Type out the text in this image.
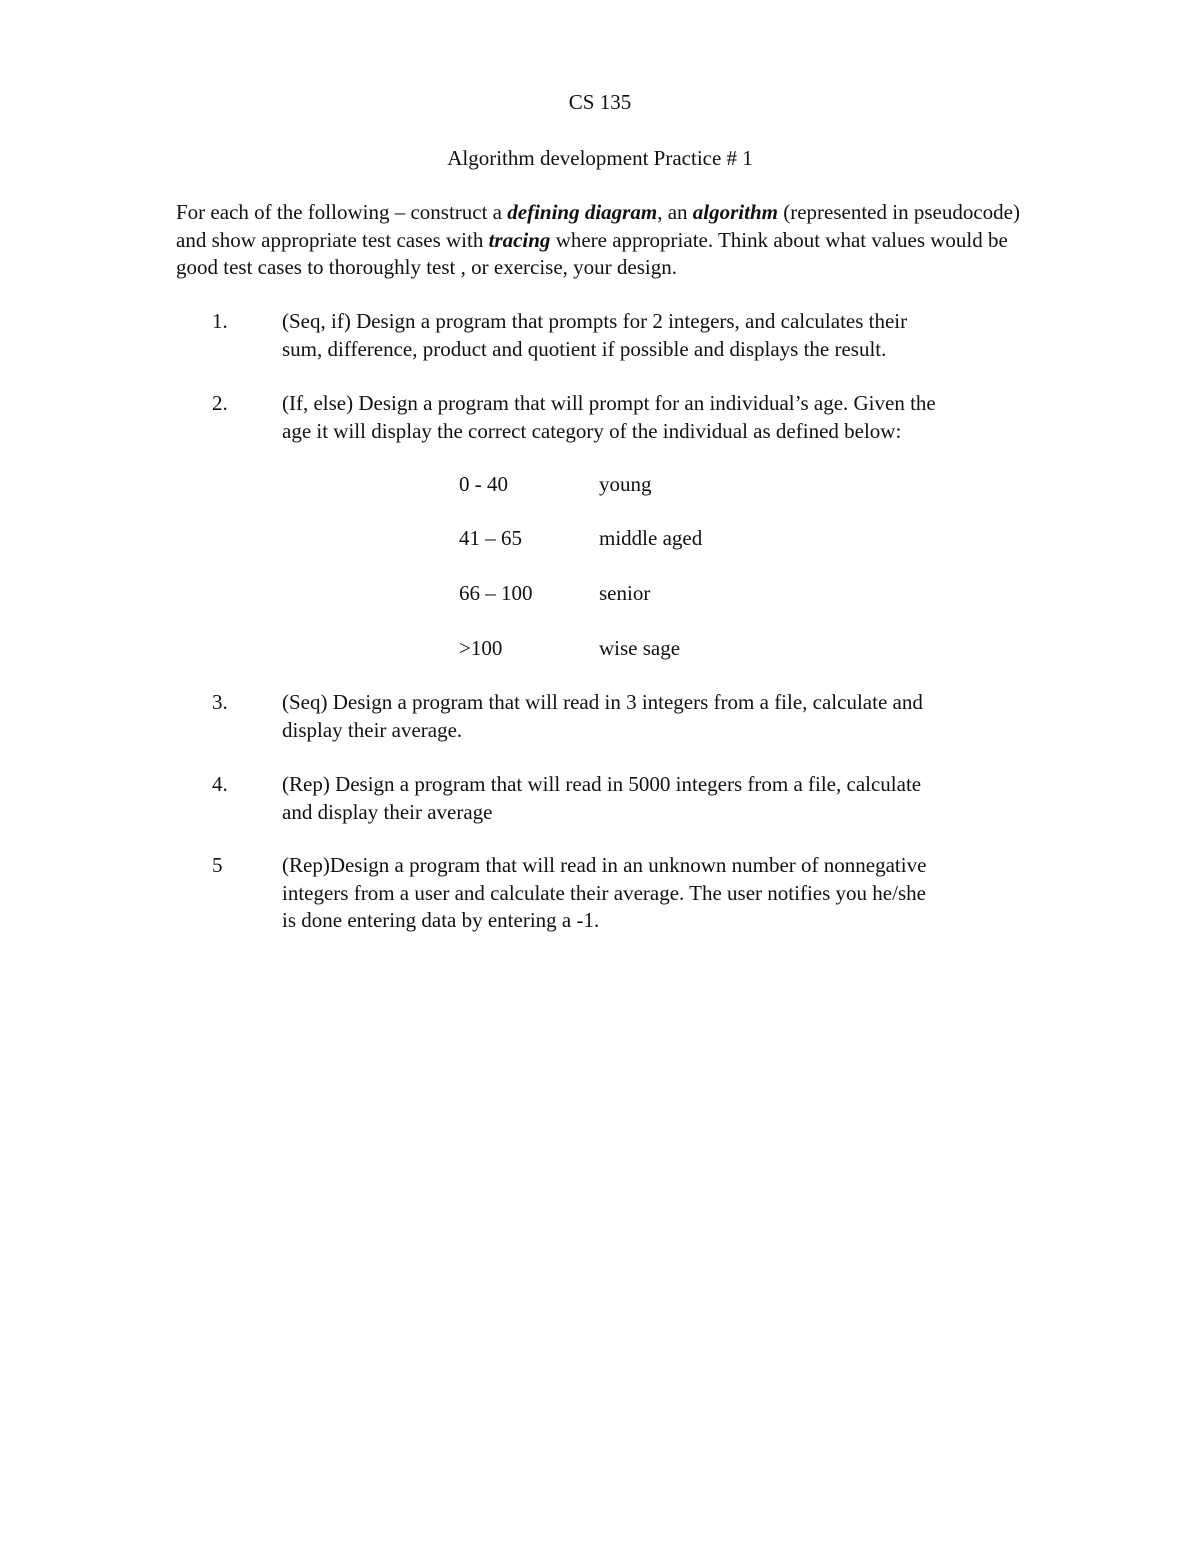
CS 135
Algorithm development Practice # 1
For each of the following – construct a defining diagram, an algorithm (represented in pseudocode) and show appropriate test cases with tracing where appropriate. Think about what values would be good test cases to thoroughly test , or exercise, your design.
1.	(Seq, if) Design a program that prompts for 2 integers, and calculates their
sum, difference, product and quotient if possible and displays the result.
2.	(If, else) Design a program that will prompt for an individual’s age. Given the
age it will display the correct category of the individual as defined below:
0 - 40	young
41 – 65	middle aged
66 – 100	senior
>100	wise sage
3.	(Seq) Design a program that will read in 3 integers from a file, calculate and
display their average.
4.	(Rep) Design a program that will read in 5000 integers from a file, calculate
and display their average
5	(Rep)Design a program that will read in an unknown number of nonnegative
integers from a user and calculate their average. The user notifies you he/she
is done entering data by entering a -1.
